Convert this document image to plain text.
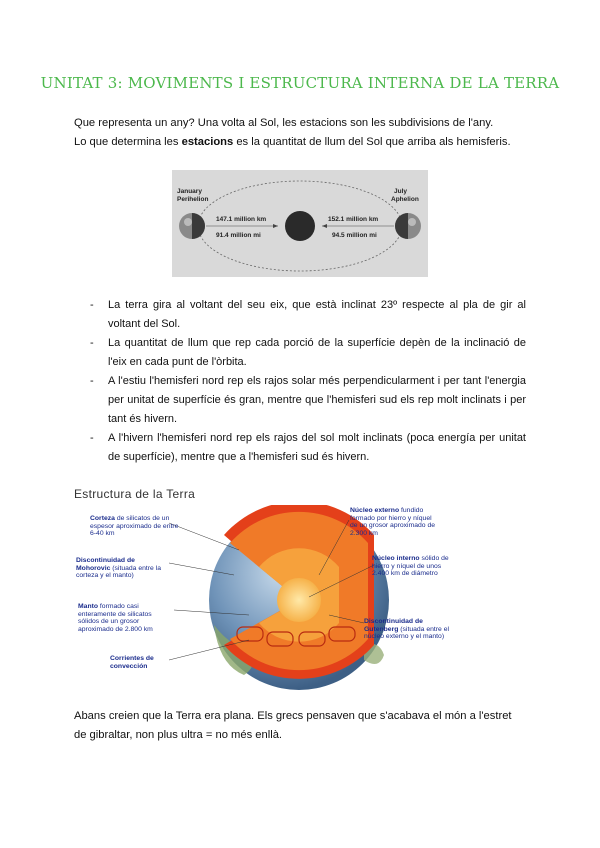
UNITAT 3: MOVIMENTS I ESTRUCTURA INTERNA DE LA TERRA
Que representa un any? Una volta al Sol, les estacions son les subdivisions de l'any.
Lo que determina les estacions es la quantitat de llum del Sol que arriba als hemisferis.
January
Perihelion
July
Aphelion
147.1 million km
91.4 million mi
152.1 million km
94.5 million mi
-	La terra gira al voltant del seu eix, que està inclinat 23º respecte al pla de gir al voltant del Sol.
-	La quantitat de llum que rep cada porció de la superfície depèn de la inclinació de l'eix en cada punt de l'òrbita.
-	A l'estiu l'hemisferi nord rep els rajos solar més perpendicularment i per tant l'energia per unitat de superfície és gran, mentre que l'hemisferi sud els rep molt inclinats i per tant és hivern.
-	A l'hivern l'hemisferi nord rep els rajos del sol molt inclinats (poca energía per unitat de superfície), mentre que a l'hemisferi sud és hivern.
Estructura de la Terra
Corteza de silicatos de un espesor aproximado de entre 6-40 km
Discontinuidad de Mohorovic (situada entre la corteza y el manto)
Manto formado casi enteramente de silicatos sólidos de un grosor aproximado de 2.800 km
Corrientes de convección
Núcleo externo fundido formado por hierro y níquel de un grosor aproximado de 2.300 km
Núcleo interno sólido de hierro y níquel de unos 2.400 km de diámetro
Discontinuidad de Gutenberg (situada entre el núcleo externo y el manto)
Abans creien que la Terra era plana. Els grecs pensaven que s'acabava el món a l'estret de gibraltar, non plus ultra = no més enllà.
